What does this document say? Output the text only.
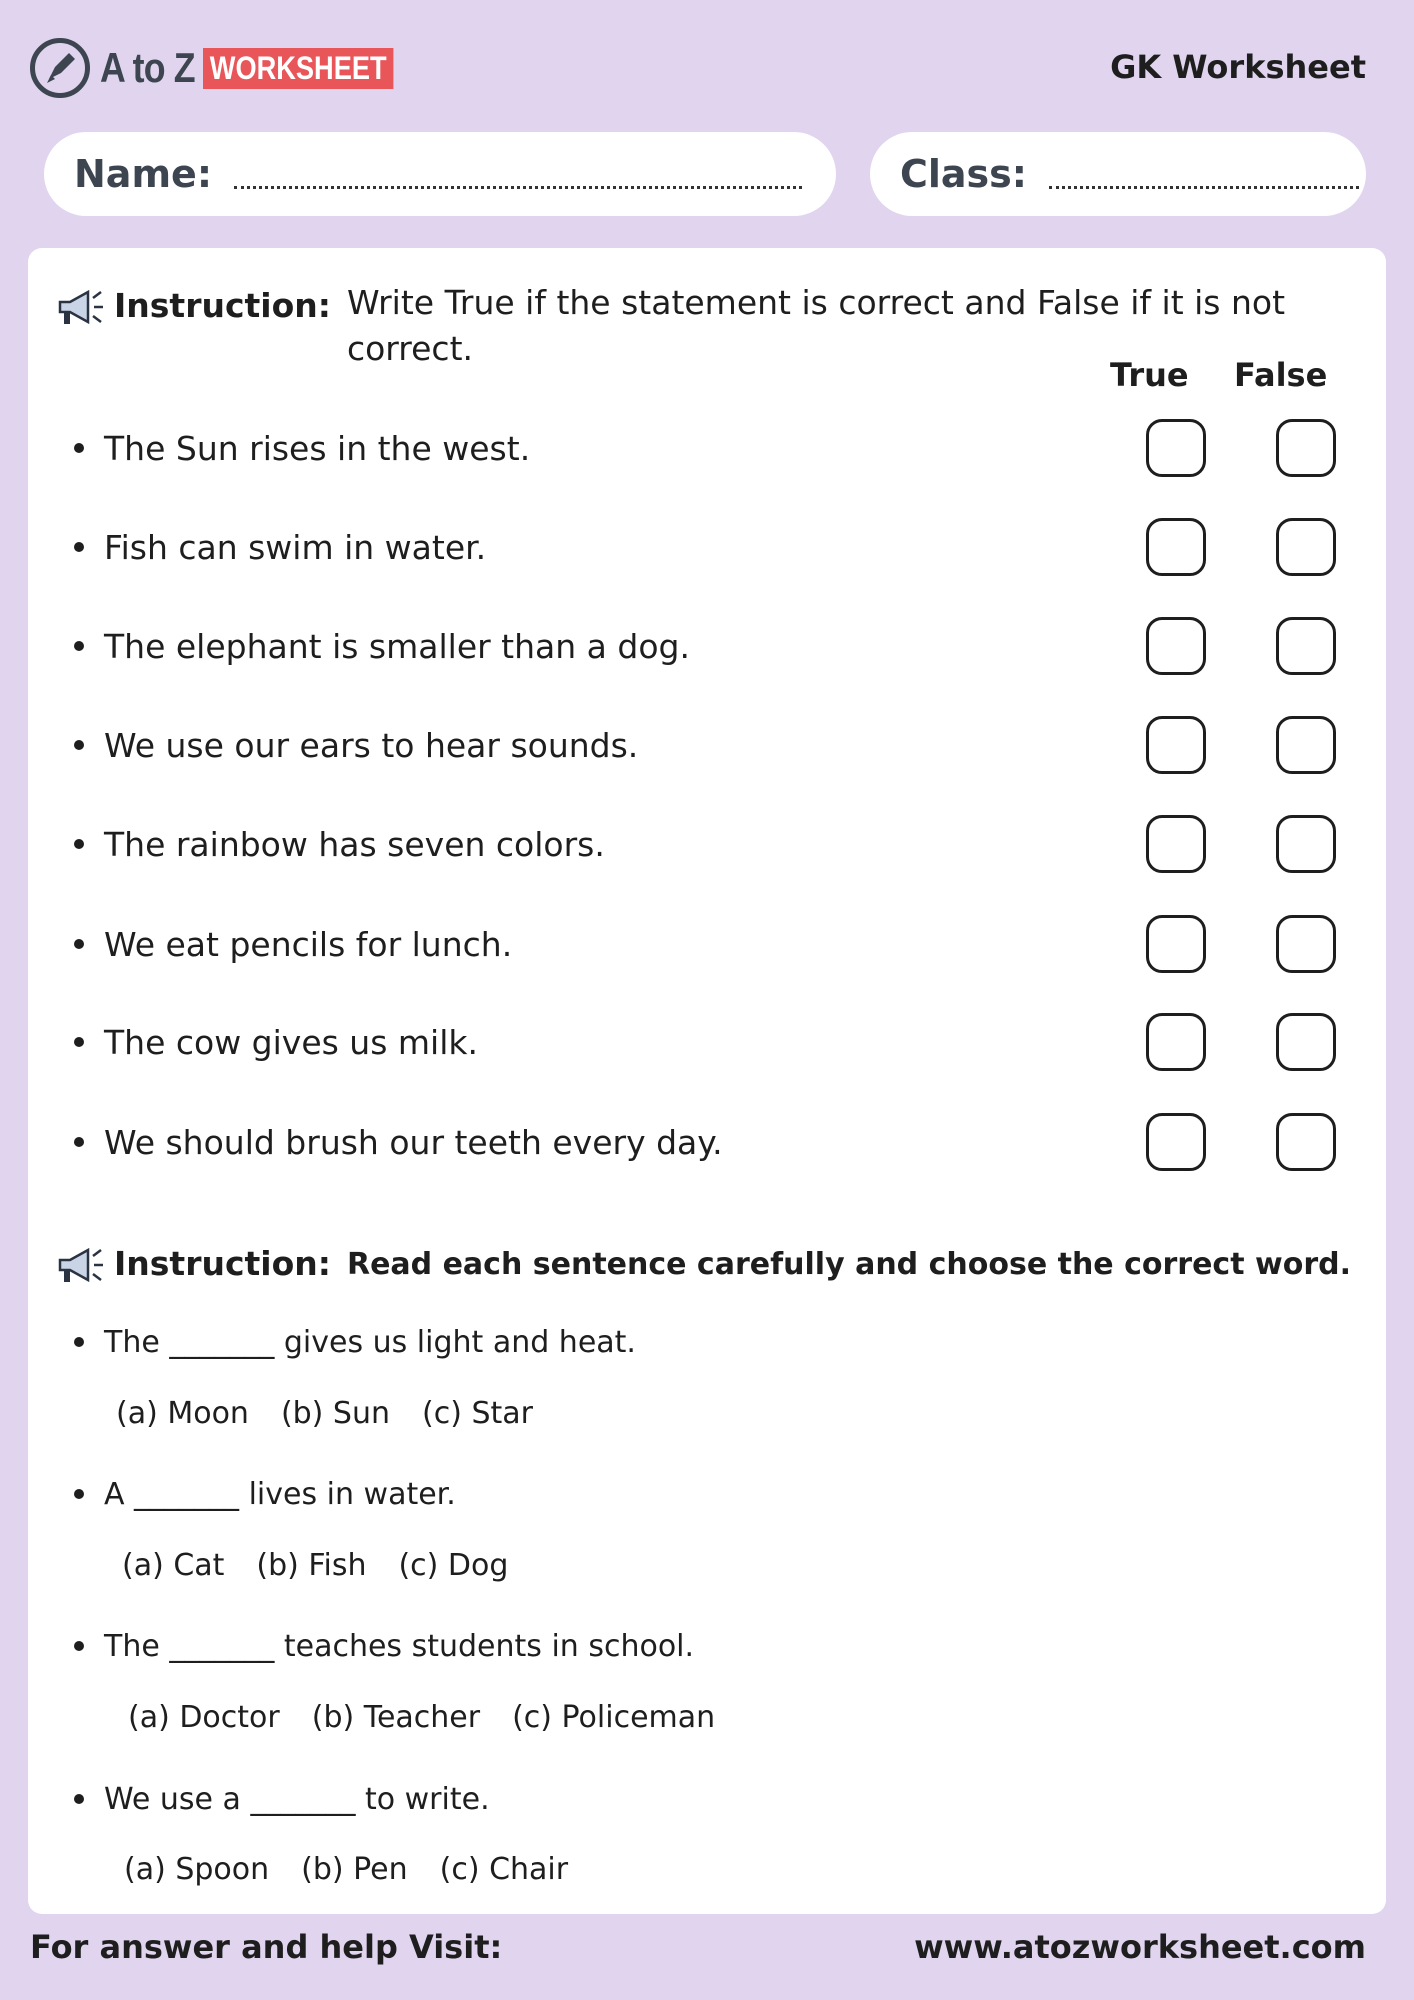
A to Z WORKSHEET	GK Worksheet
Name:	Class:
Instruction: Write True if the statement is correct and False if it is not correct.
True False
The Sun rises in the west.
Fish can swim in water.
The elephant is smaller than a dog.
We use our ears to hear sounds.
The rainbow has seven colors.
We eat pencils for lunch.
The cow gives us milk.
We should brush our teeth every day.
Instruction: Read each sentence carefully and choose the correct word.
The _______ gives us light and heat.
(a) Moon (b) Sun (c) Star
A _______ lives in water.
(a) Cat (b) Fish (c) Dog
The _______ teaches students in school.
(a) Doctor (b) Teacher (c) Policeman
We use a _______ to write.
(a) Spoon (b) Pen (c) Chair
For answer and help Visit:	www.atozworksheet.com
